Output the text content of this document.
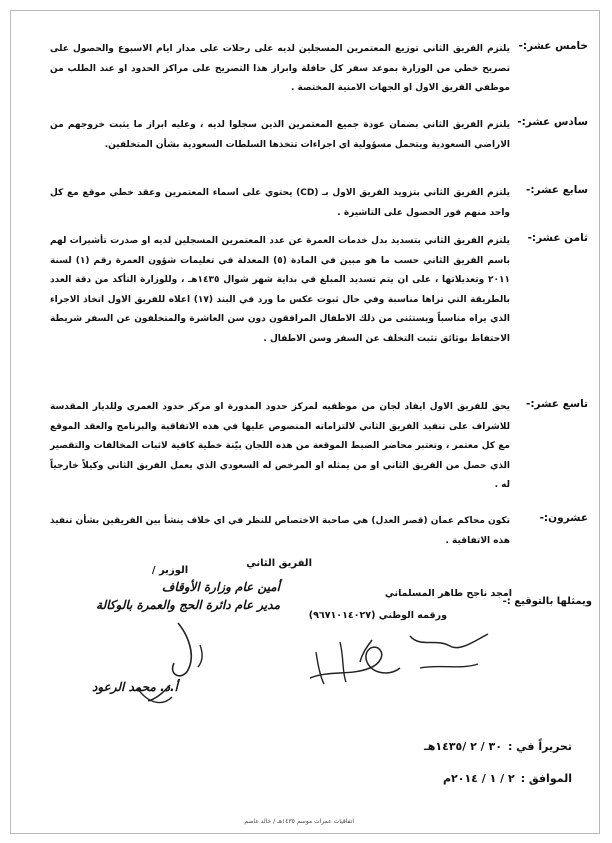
خامس عشر:-
يلتزم الفريق الثاني توزيع المعتمرين المسجلين لديه على رحلات على مدار ايام الاسبوع والحصول على تصريح خطي من الوزارة بموعد سفر كل حافلة وابراز هذا التصريح على مراكز الحدود او عند الطلب من موظفي الفريق الاول او الجهات الامنية المختصة .
سادس عشر:-
يلتزم الفريق الثاني بضمان عودة جميع المعتمرين الذين سجلوا لديه ، وعليه ابراز ما يثبت خروجهم من الاراضي السعودية ويتحمل مسؤولية اي اجراءات تتخذها السلطات السعودية بشأن المتخلفين.
سابع عشر:-
يلتزم الفريق الثاني بتزويد الفريق الاول بـ (CD) يحتوي على اسماء المعتمرين وعقد خطي موقع مع كل واحد منهم فور الحصول على التاشيرة .
ثامن عشر:-
يلتزم الفريق الثاني بتسديد بدل خدمات العمرة عن عدد المعتمرين المسجلين لديه او صدرت تأشيرات لهم باسم الفريق الثاني حسب ما هو مبين في المادة (٥) المعدلة في تعليمات شؤون العمرة رقم (١) لسنة ٢٠١١ وتعديلاتها ، على ان يتم تسديد المبلغ في بداية شهر شوال ١٤٣٥هـ ، وللوزارة التأكد من دقة العدد بالطريقة التي تراها مناسبة وفي حال ثبوت عكس ما ورد في البند (١٧) اعلاه للفريق الاول اتخاذ الاجراء الذي يراه مناسباً ويستثنى من ذلك الاطفال المرافقون دون سن العاشرة والمتخلفون عن السفر شريطة الاحتفاظ بوثائق تثبت التخلف عن السفر وسن الاطفال .
تاسع عشر:-
يحق للفريق الاول ايفاد لجان من موظفيه لمركز حدود المدورة او مركز حدود العمري وللديار المقدسة للاشراف على تنفيذ الفريق الثاني لالتزاماته المنصوص عليها في هذه الاتفاقية والبرنامج والعقد الموقع مع كل معتمر ، وتعتبر محاضر الضبط الموقعة من هذه اللجان بيّنة خطية كافية لاثبات المخالفات والتقصير الذي حصل من الفريق الثاني او من يمثله او المرخص له السعودي الذي يعمل الفريق الثاني وكيلاً خارجياً له .
عشرون:-
تكون محاكم عمان (قصر العدل) هي صاحبة الاختصاص للنظر في اي خلاف ينشأ بين الفريقين بشأن تنفيذ هذه الاتفاقية .
الفريق الثاني
ويمثلها بالتوقيع :-
امجد ناجح طاهر المسلماني
ورقمه الوطني (٩٦٧١٠١٤٠٢٧)
الوزير /
أمين عام وزارة الأوقاف
مدير عام دائرة الحج والعمرة بالوكالة
أ.د. محمد الرعود
تحريراً في :٣٠ / ٢ /١٤٣٥هـ
الموافق :٢ / ١ / ٢٠١٤م
اتفاقيات عمرات موسم ١٤٣٥هـ / خالد عاصم
